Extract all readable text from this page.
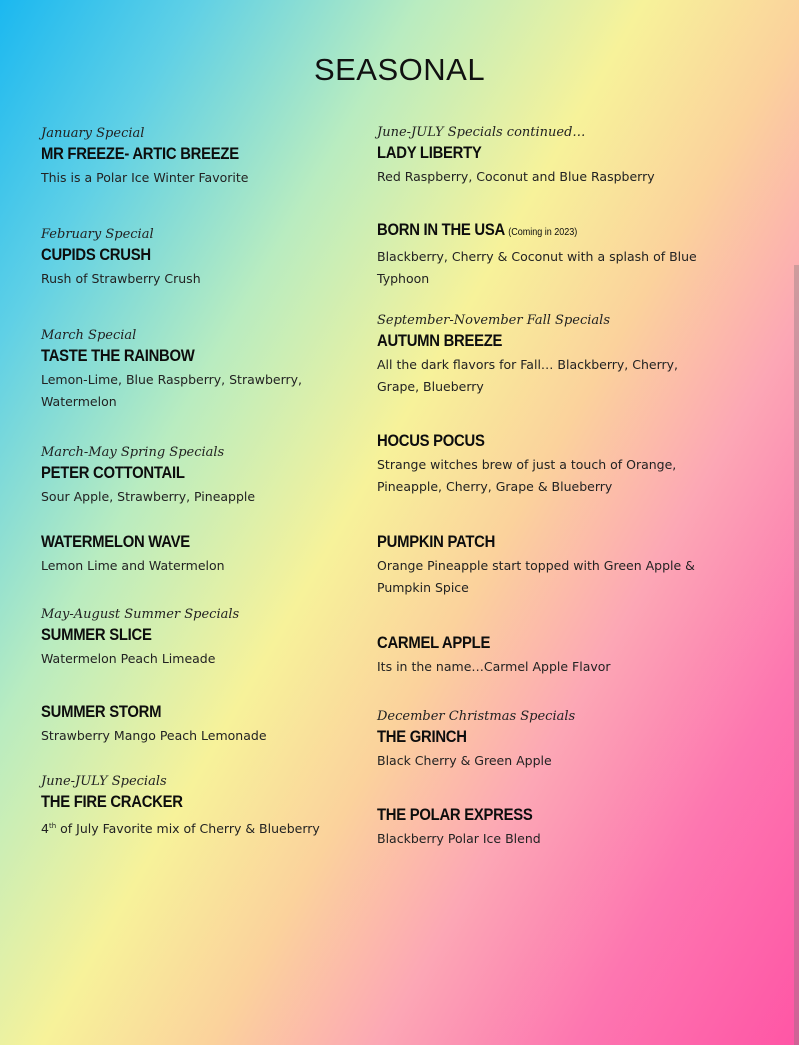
SEASONAL
January Special
MR FREEZE- ARTIC BREEZE
This is a Polar Ice Winter Favorite
February Special
CUPIDS CRUSH
Rush of Strawberry Crush
March Special
TASTE THE RAINBOW
Lemon-Lime, Blue Raspberry, Strawberry, Watermelon
March-May Spring Specials
PETER COTTONTAIL
Sour Apple, Strawberry, Pineapple
WATERMELON WAVE
Lemon Lime and Watermelon
May-August Summer Specials
SUMMER SLICE
Watermelon Peach Limeade
SUMMER STORM
Strawberry Mango Peach Lemonade
June-JULY Specials
THE FIRE CRACKER
4th of July Favorite mix of Cherry & Blueberry
June-JULY Specials continued…
LADY LIBERTY
Red Raspberry, Coconut and Blue Raspberry
BORN IN THE USA (Coming in 2023)
Blackberry, Cherry & Coconut with a splash of Blue Typhoon
September-November Fall Specials
AUTUMN BREEZE
All the dark flavors for Fall… Blackberry, Cherry, Grape, Blueberry
HOCUS POCUS
Strange witches brew of just a touch of Orange, Pineapple, Cherry, Grape & Blueberry
PUMPKIN PATCH
Orange Pineapple start topped with Green Apple & Pumpkin Spice
CARMEL APPLE
Its in the name…Carmel Apple Flavor
December Christmas Specials
THE GRINCH
Black Cherry & Green Apple
THE POLAR EXPRESS
Blackberry Polar Ice Blend
